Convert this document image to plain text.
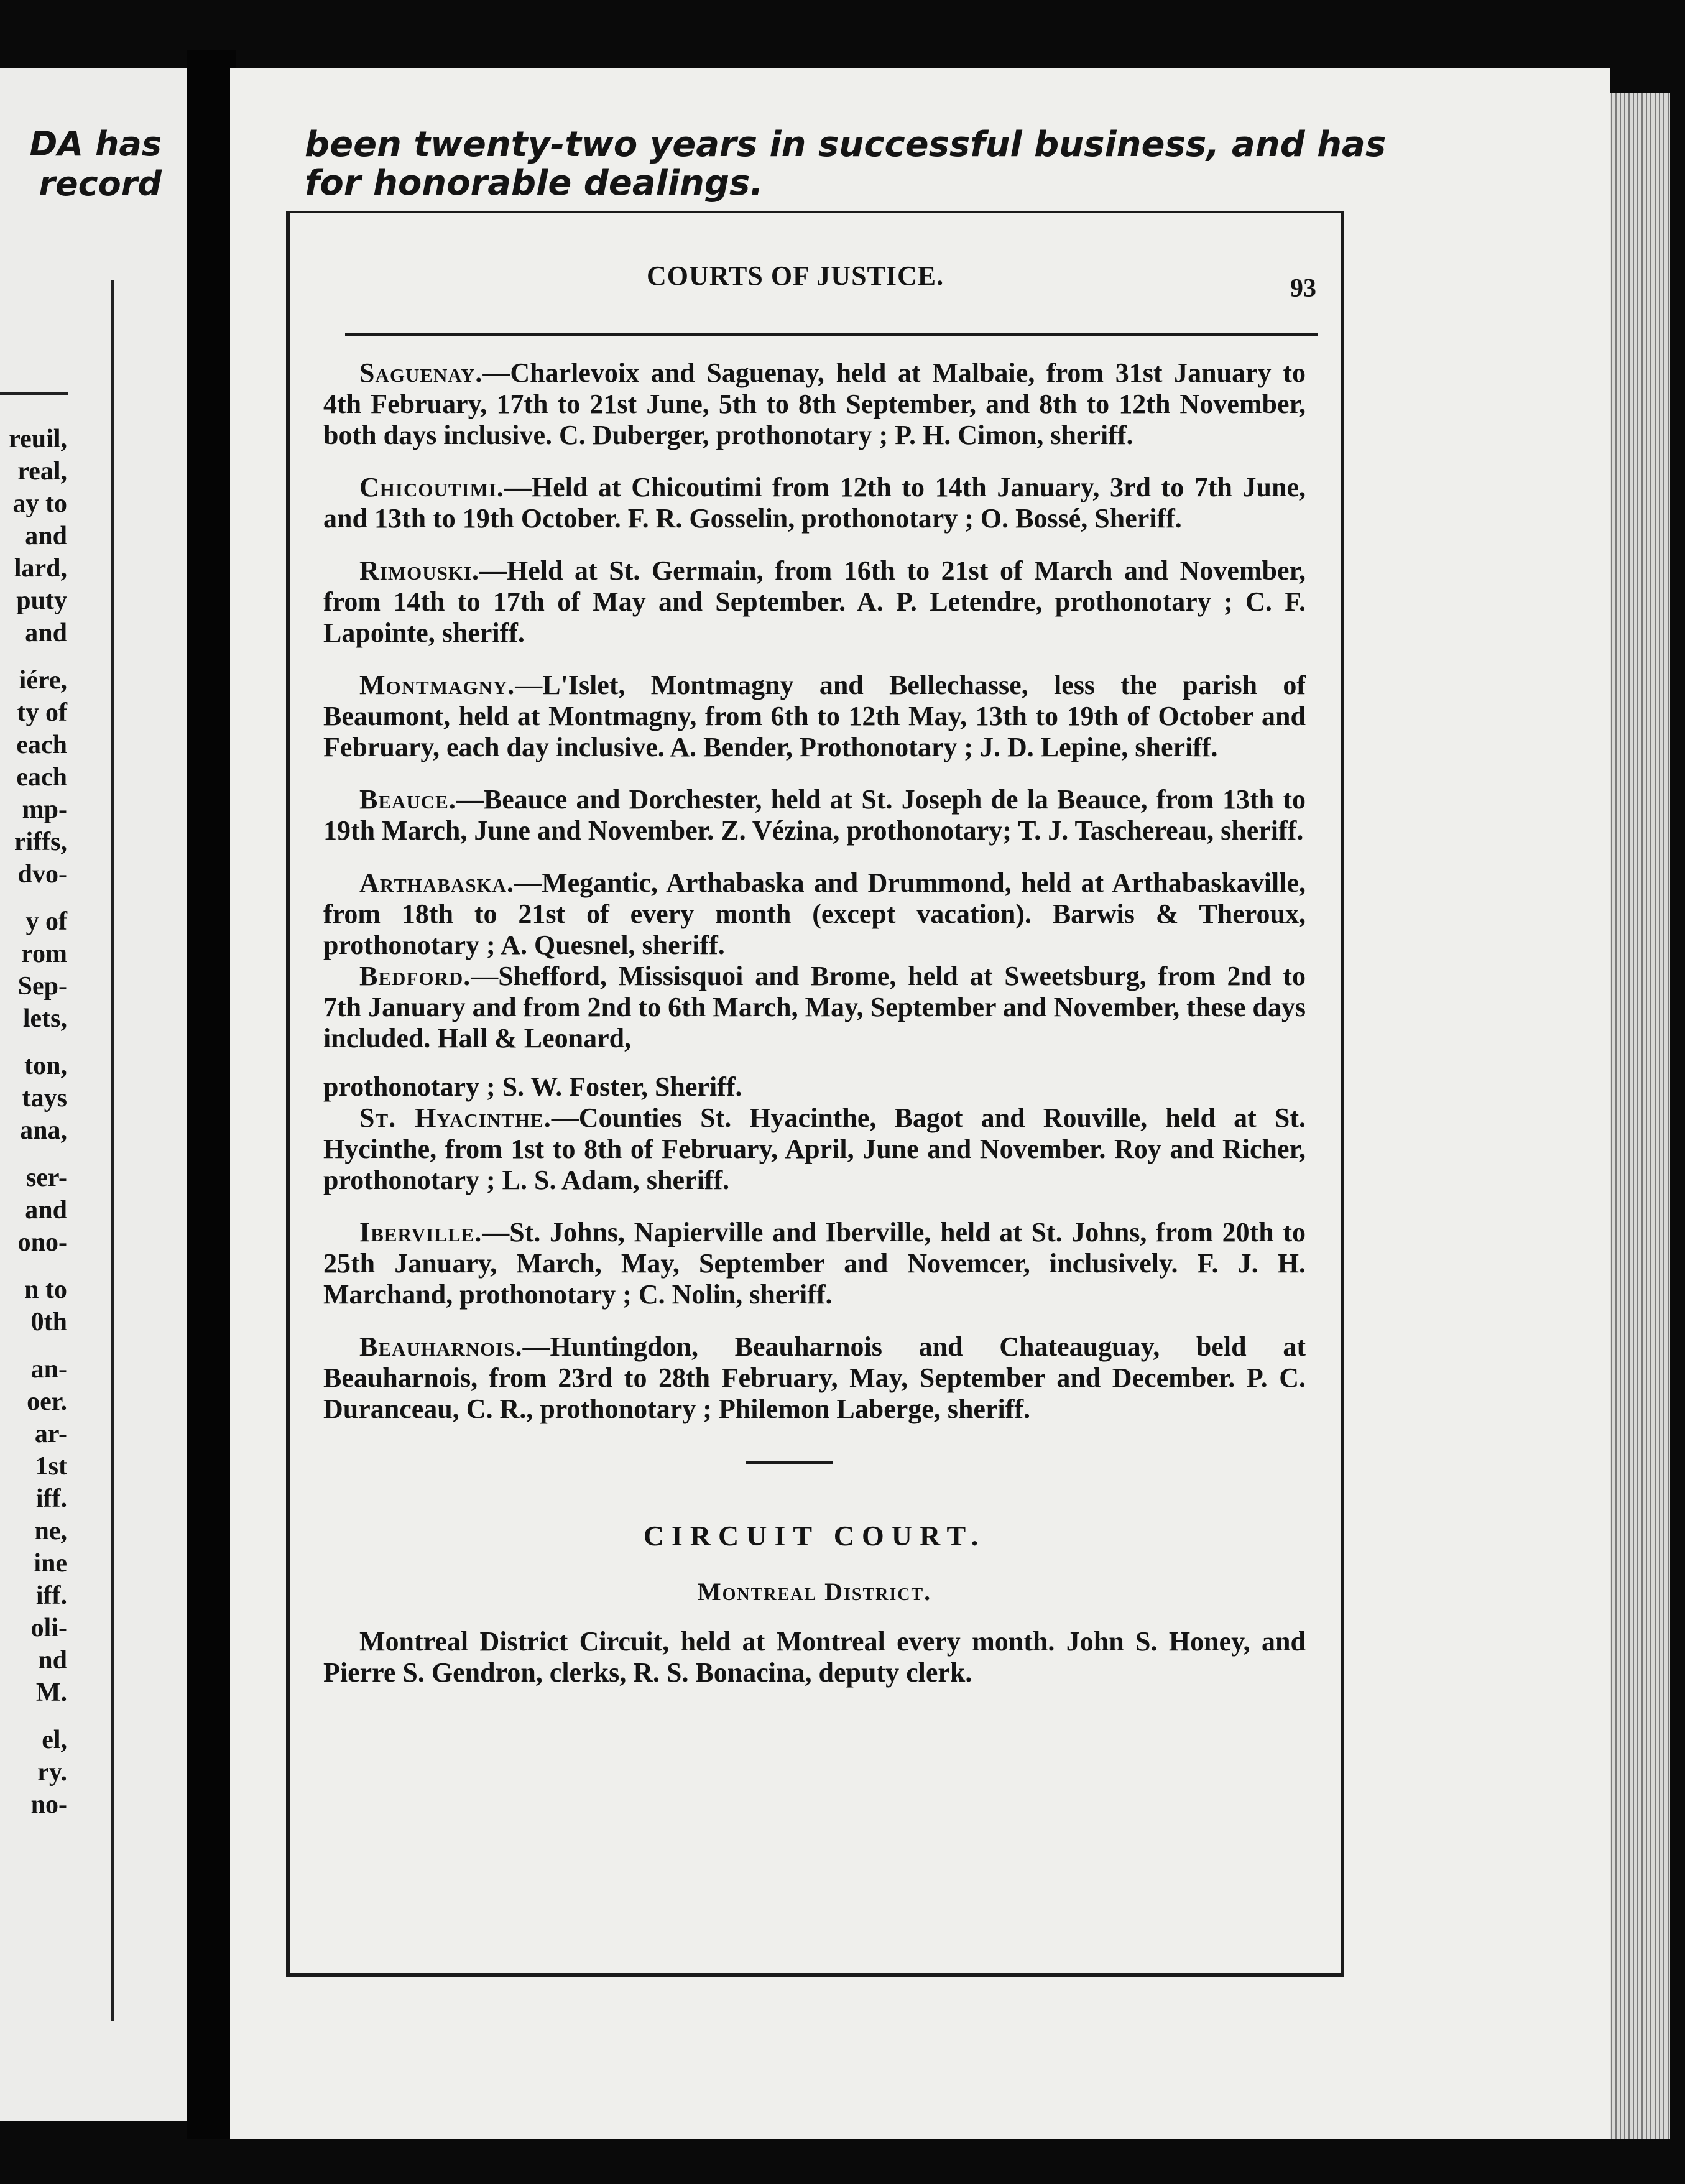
DA has
record
reuil,
real,
ay to
and
lard,
puty
and

iére,
ty of
each
each
mp-
riffs,
dvo-

y of
rom
Sep-
lets,

ton,
tays
ana,

ser-
and
ono-

n to
0th

an-
oer.
ar-
1st
iff.
ne,
ine
iff.
oli-
nd
M.

el,
ry.
no-
been twenty-two years in successful business, and has
for honorable dealings.
COURTS OF JUSTICE.	93

Saguenay.—Charlevoix and Saguenay, held at Malbaie, from 31st January to 4th February, 17th to 21st June, 5th to 8th September, and 8th to 12th November, both days inclusive. C. Duberger, prothonotary ; P. H. Cimon, sheriff.

Chicoutimi.—Held at Chicoutimi from 12th to 14th January, 3rd to 7th June, and 13th to 19th October. F. R. Gosselin, prothonotary ; O. Bossé, Sheriff.

Rimouski.—Held at St. Germain, from 16th to 21st of March and November, from 14th to 17th of May and September. A. P. Letendre, prothonotary ; C. F. Lapointe, sheriff.

Montmagny.—L'Islet, Montmagny and Bellechasse, less the parish of Beaumont, held at Montmagny, from 6th to 12th May, 13th to 19th of October and February, each day inclusive. A. Bender, Prothonotary ; J. D. Lepine, sheriff.

Beauce.—Beauce and Dorchester, held at St. Joseph de la Beauce, from 13th to 19th March, June and November. Z. Vézina, prothonotary; T. J. Taschereau, sheriff.

Arthabaska.—Megantic, Arthabaska and Drummond, held at Arthabaskaville, from 18th to 21st of every month (except vacation). Barwis & Theroux, prothonotary ; A. Quesnel, sheriff.

Bedford.—Shefford, Missisquoi and Brome, held at Sweetsburg, from 2nd to 7th January and from 2nd to 6th March, May, September and November, these days included. Hall & Leonard,

prothonotary ; S. W. Foster, Sheriff.

St. Hyacinthe.—Counties St. Hyacinthe, Bagot and Rouville, held at St. Hycinthe, from 1st to 8th of February, April, June and November. Roy and Richer, prothonotary ; L. S. Adam, sheriff.

Iberville.—St. Johns, Napierville and Iberville, held at St. Johns, from 20th to 25th January, March, May, September and Novemcer, inclusively. F. J. H. Marchand, prothonotary ; C. Nolin, sheriff.

Beauharnois.—Huntingdon, Beauharnois and Chateauguay, beld at Beauharnois, from 23rd to 28th February, May, September and December. P. C. Duranceau, C. R., prothonotary ; Philemon Laberge, sheriff.

CIRCUIT COURT.
Montreal District.

Montreal District Circuit, held at Montreal every month. John S. Honey, and Pierre S. Gendron, clerks, R. S. Bonacina, deputy clerk.
